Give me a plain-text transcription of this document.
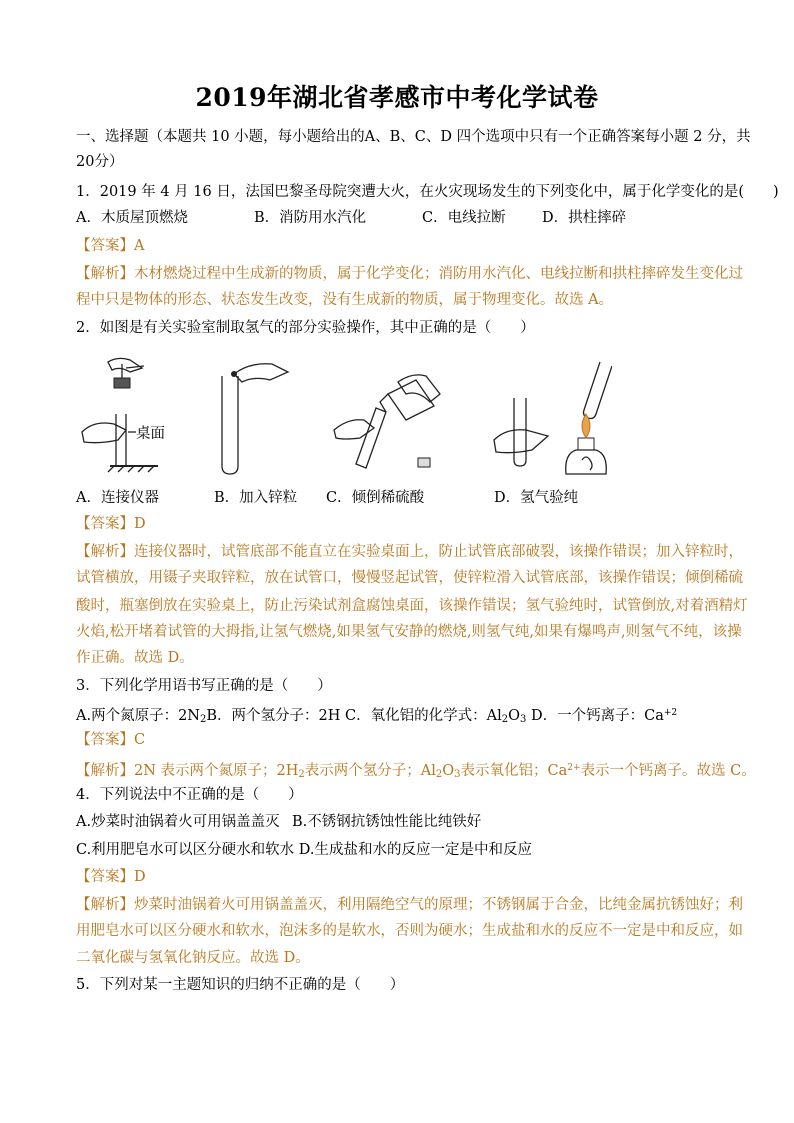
2019年湖北省孝感市中考化学试卷
一、选择题（本题共 10 小题，每小题给出的A、B、C、D 四个选项中只有一个正确答案每小题 2 分，共
20分）
1．2019 年 4 月 16 日，法国巴黎圣母院突遭大火，在火灾现场发生的下列变化中，属于化学变化的是(　　)
A．木质屋顶燃烧	B．消防用水汽化	C．电线拉断	D．拱柱摔碎
【答案】A
【解析】木材燃烧过程中生成新的物质，属于化学变化；消防用水汽化、电线拉断和拱柱摔碎发生变化过
程中只是物体的形态、状态发生改变，没有生成新的物质，属于物理变化。故选 A。
2．如图是有关实验室制取氢气的部分实验操作，其中正确的是（　　）
桌面
A．连接仪器	B．加入锌粒 C．倾倒稀硫酸	D．氢气验纯
【答案】D
【解析】连接仪器时，试管底部不能直立在实验桌面上，防止试管底部破裂，该操作错误；加入锌粒时，
试管横放，用镊子夹取锌粒，放在试管口，慢慢竖起试管，使锌粒滑入试管底部，该操作错误；倾倒稀硫
酸时，瓶塞倒放在实验桌上，防止污染试剂盒腐蚀桌面，该操作错误；氢气验纯时，试管倒放,对着酒精灯
火焰,松开堵着试管的大拇指,让氢气燃烧,如果氢气安静的燃烧,则氢气纯,如果有爆鸣声,则氢气不纯，该操
作正确。故选 D。
3．下列化学用语书写正确的是（　　）
A.两个氮原子：$2N_2B$．两个氢分子：2H C．氧化铝的化学式：$Al_2O_3$ D．一个钙离子：$Ca^{+2}$
【答案】C
【解析】2N 表示两个氮原子；$2H_2$表示两个氢分子；$Al_2O_3$表示氧化铝；$Ca^{2+}$表示一个钙离子。故选 C。
4．下列说法中不正确的是（　　）
A.炒菜时油锅着火可用锅盖盖灭 B.不锈钢抗锈蚀性能比纯铁好
C.利用肥皂水可以区分硬水和软水 D.生成盐和水的反应一定是中和反应
【答案】D
【解析】炒菜时油锅着火可用锅盖盖灭，利用隔绝空气的原理；不锈钢属于合金，比纯金属抗锈蚀好；利
用肥皂水可以区分硬水和软水，泡沫多的是软水，否则为硬水；生成盐和水的反应不一定是中和反应，如
二氧化碳与氢氧化钠反应。故选 D。
5．下列对某一主题知识的归纳不正确的是（　　）
